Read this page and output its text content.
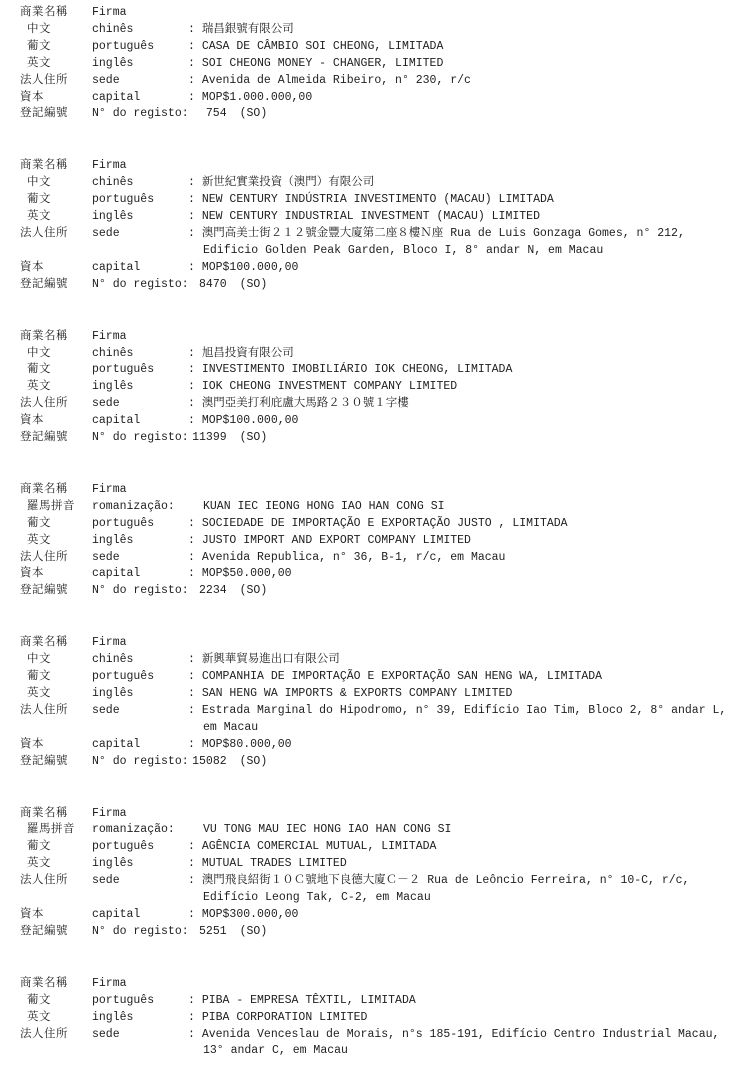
商業名稱	Firma
中文	chinês	: 瑞昌銀號有限公司
葡文	português	: CASA DE CÂMBIO SOI CHEONG, LIMITADA
英文	inglês	: SOI CHEONG MONEY - CHANGER, LIMITED
法人住所	sede	: Avenida de Almeida Ribeiro, n° 230, r/c
資本	capital	: MOP$1.000.000,00
登記編號 N° do registo: 754 (SO)
商業名稱	Firma
中文	chinês	: 新世紀實業投資（澳門）有限公司
葡文	português	: NEW CENTURY INDÚSTRIA INVESTIMENTO (MACAU) LIMITADA
英文	inglês	: NEW CENTURY INDUSTRIAL INVESTMENT (MACAU) LIMITED
法人住所	sede	: 澳門高美士街２１２號金豐大廈第二座８樓Ｎ座 Rua de Luis Gonzaga Gomes, n° 212, Edificio Golden Peak Garden, Bloco I, 8° andar N, em Macau
資本	capital	: MOP$100.000,00
登記編號 N° do registo: 8470 (SO)
商業名稱	Firma
中文	chinês	: 旭昌投資有限公司
葡文	português	: INVESTIMENTO IMOBILIÁRIO IOK CHEONG, LIMITADA
英文	inglês	: IOK CHEONG INVESTMENT COMPANY LIMITED
法人住所	sede	: 澳門亞美打利庇盧大馬路２３０號１字樓
資本	capital	: MOP$100.000,00
登記編號 N° do registo: 11399 (SO)
商業名稱	Firma
羅馬拼音	romanização:	KUAN IEC IEONG HONG IAO HAN CONG SI
葡文	português	: SOCIEDADE DE IMPORTAÇÃO E EXPORTAÇÃO JUSTO , LIMITADA
英文	inglês	: JUSTO IMPORT AND EXPORT COMPANY LIMITED
法人住所	sede	: Avenida Republica, n° 36, B-1, r/c, em Macau
資本	capital	: MOP$50.000,00
登記編號 N° do registo: 2234 (SO)
商業名稱	Firma
中文	chinês	: 新興華貿易進出口有限公司
葡文	português	: COMPANHIA DE IMPORTAÇÃO E EXPORTAÇÃO SAN HENG WA, LIMITADA
英文	inglês	: SAN HENG WA IMPORTS & EXPORTS COMPANY LIMITED
法人住所	sede	: Estrada Marginal do Hipodromo, n° 39, Edifício Iao Tim, Bloco 2, 8° andar L, em Macau
資本	capital	: MOP$80.000,00
登記編號 N° do registo: 15082 (SO)
商業名稱	Firma
羅馬拼音	romanização:	VU TONG MAU IEC HONG IAO HAN CONG SI
葡文	português	: AGÊNCIA COMERCIAL MUTUAL, LIMITADA
英文	inglês	: MUTUAL TRADES LIMITED
法人住所	sede	: 澳門飛良紹街１０Ｃ號地下良德大廈Ｃ－２ Rua de Leôncio Ferreira, n° 10-C, r/c, Edifício Leong Tak, C-2, em Macau
資本	capital	: MOP$300.000,00
登記編號 N° do registo: 5251 (SO)
商業名稱	Firma
葡文	português	: PIBA - EMPRESA TÊXTIL, LIMITADA
英文	inglês	: PIBA CORPORATION LIMITED
法人住所	sede	: Avenida Venceslau de Morais, n°s 185-191, Edifício Centro Industrial Macau, 13° andar C, em Macau
